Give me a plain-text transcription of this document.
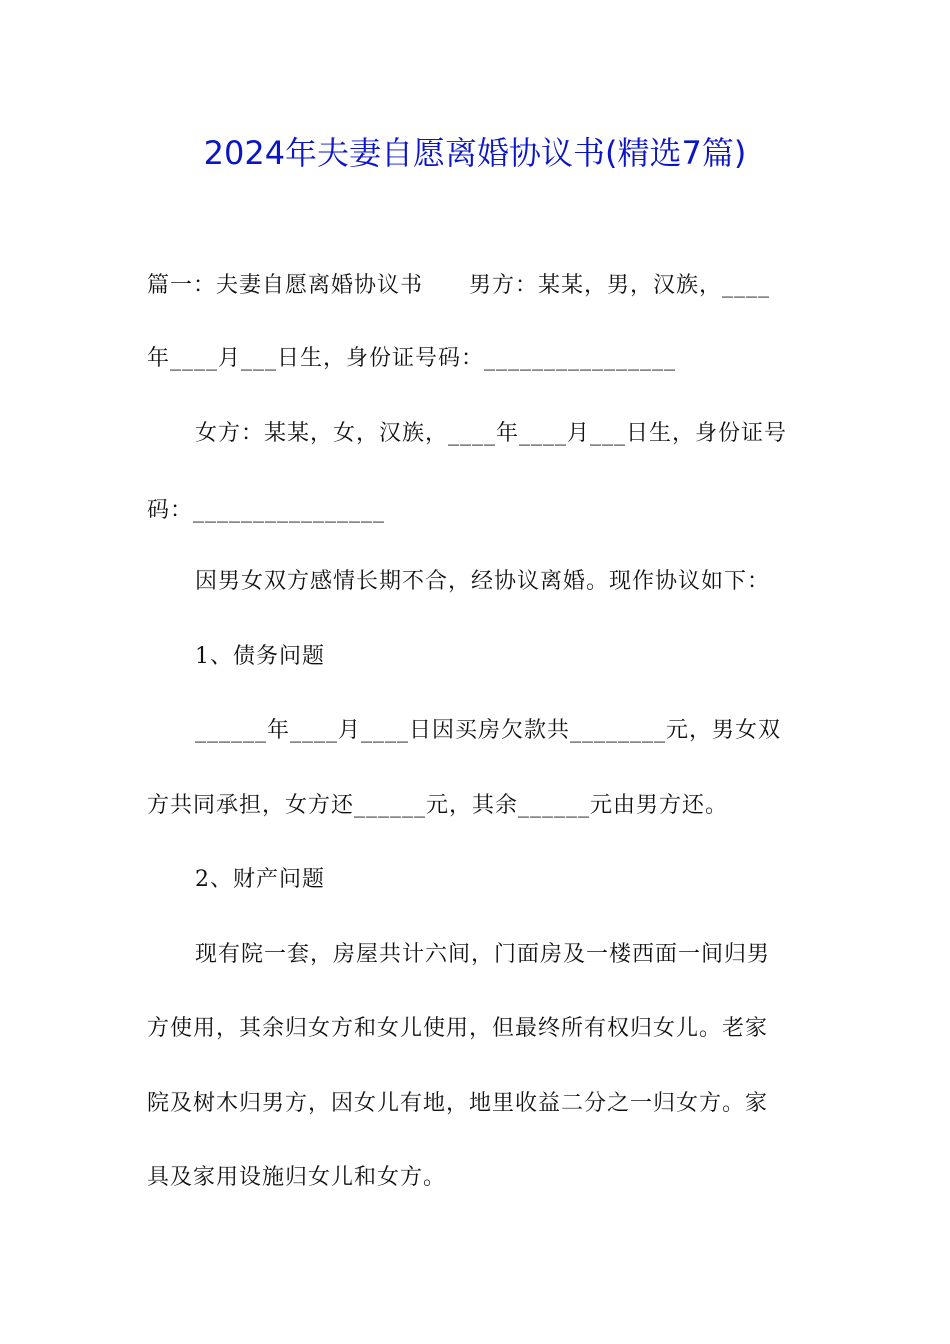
2024年夫妻自愿离婚协议书(精选7篇)
篇一：夫妻自愿离婚协议书　　男方：某某，男，汉族，____
年____月___日生，身份证号码：________________
女方：某某，女，汉族，____年____月___日生，身份证号
码：________________
因男女双方感情长期不合，经协议离婚。现作协议如下：
1、债务问题
______年____月____日因买房欠款共________元，男女双
方共同承担，女方还______元，其余______元由男方还。
2、财产问题
现有院一套，房屋共计六间，门面房及一楼西面一间归男
方使用，其余归女方和女儿使用，但最终所有权归女儿。老家
院及树木归男方，因女儿有地，地里收益二分之一归女方。家
具及家用设施归女儿和女方。
